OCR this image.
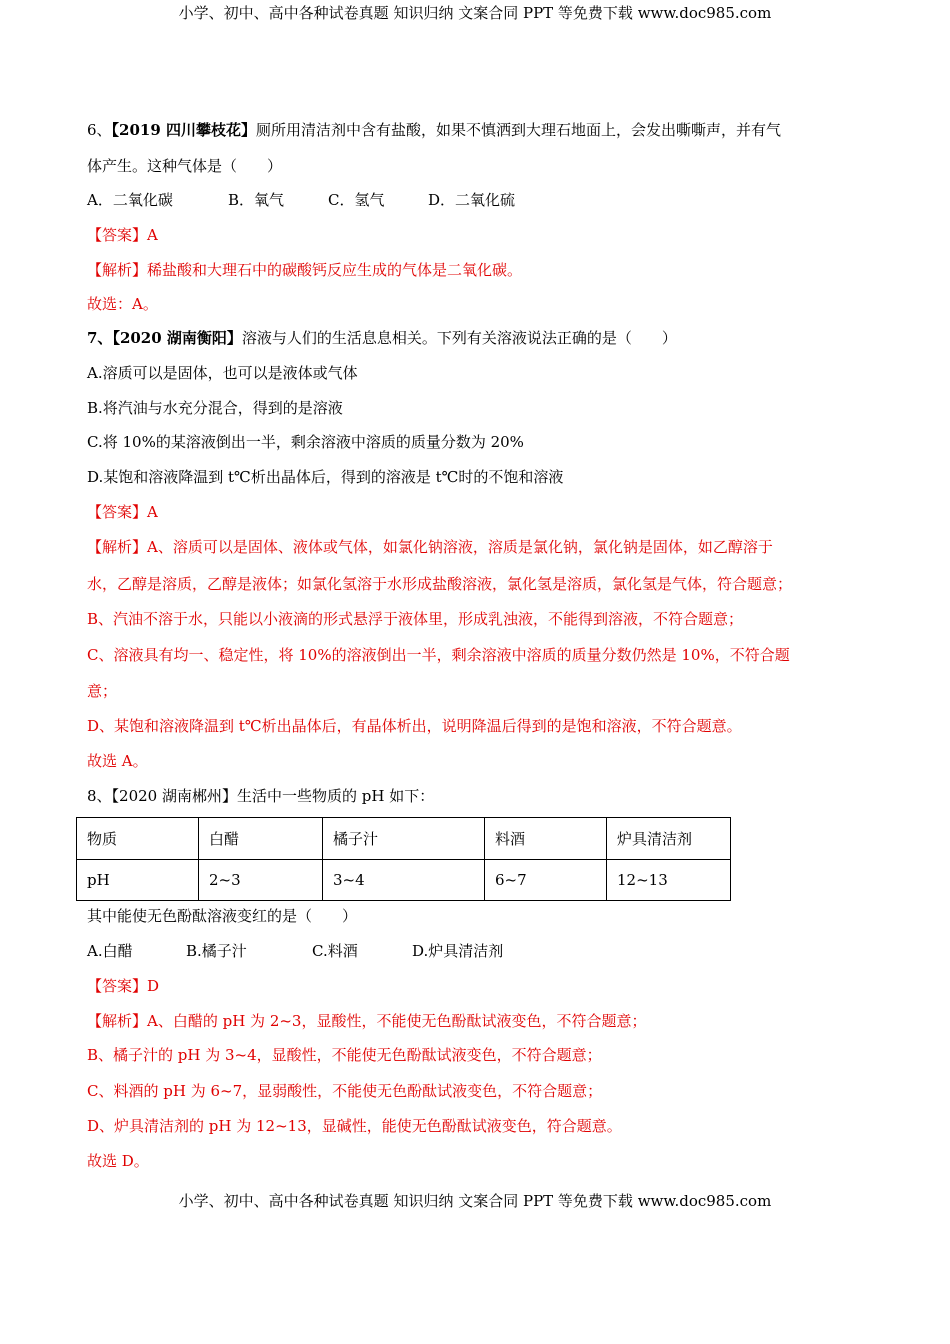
小学、初中、高中各种试卷真题 知识归纳 文案合同 PPT 等免费下载 www.doc985.com
6、【2019 四川攀枝花】厕所用清洁剂中含有盐酸，如果不慎洒到大理石地面上，会发出嘶嘶声，并有气
体产生。这种气体是（　　）
A．二氧化碳	B．氧气	C．氢气	D．二氧化硫
【答案】A
【解析】稀盐酸和大理石中的碳酸钙反应生成的气体是二氧化碳。
故选：A。
7、【2020 湖南衡阳】溶液与人们的生活息息相关。下列有关溶液说法正确的是（　　）
A.溶质可以是固体，也可以是液体或气体
B.将汽油与水充分混合，得到的是溶液
C.将 10%的某溶液倒出一半，剩余溶液中溶质的质量分数为 20%
D.某饱和溶液降温到 t℃析出晶体后，得到的溶液是 t℃时的不饱和溶液
【答案】A
【解析】A、溶质可以是固体、液体或气体，如氯化钠溶液，溶质是氯化钠，氯化钠是固体，如乙醇溶于
水，乙醇是溶质，乙醇是液体；如氯化氢溶于水形成盐酸溶液，氯化氢是溶质，氯化氢是气体，符合题意；
B、汽油不溶于水，只能以小液滴的形式悬浮于液体里，形成乳浊液，不能得到溶液，不符合题意；
C、溶液具有均一、稳定性，将 10%的溶液倒出一半，剩余溶液中溶质的质量分数仍然是 10%，不符合题
意；
D、某饱和溶液降温到 t℃析出晶体后，有晶体析出，说明降温后得到的是饱和溶液，不符合题意。
故选 A。
8、【2020 湖南郴州】生活中一些物质的 pH 如下：
物质	白醋	橘子汁	料酒	炉具清洁剂
pH	2~3	3~4	6~7	12~13
其中能使无色酚酞溶液变红的是（　　）
A.白醋	B.橘子汁	C.料酒	D.炉具清洁剂
【答案】D
【解析】A、白醋的 pH 为 2~3，显酸性，不能使无色酚酞试液变色，不符合题意；
B、橘子汁的 pH 为 3~4，显酸性，不能使无色酚酞试液变色，不符合题意；
C、料酒的 pH 为 6~7，显弱酸性，不能使无色酚酞试液变色，不符合题意；
D、炉具清洁剂的 pH 为 12~13，显碱性，能使无色酚酞试液变色，符合题意。
故选 D。
小学、初中、高中各种试卷真题 知识归纳 文案合同 PPT 等免费下载 www.doc985.com
